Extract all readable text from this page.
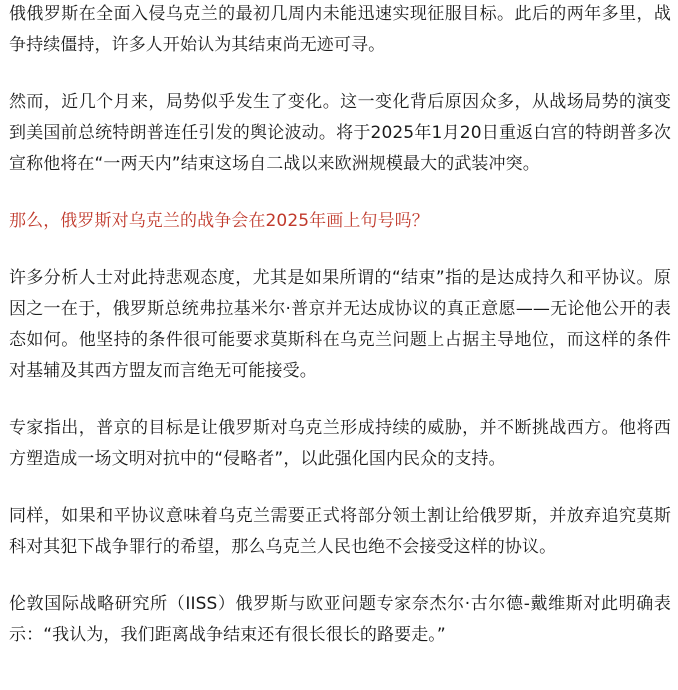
俄俄罗斯在全面入侵乌克兰的最初几周内未能迅速实现征服目标。此后的两年多里，战争持续僵持，许多人开始认为其结束尚无迹可寻。

然而，近几个月来，局势似乎发生了变化。这一变化背后原因众多，从战场局势的演变到美国前总统特朗普连任引发的舆论波动。将于2025年1月20日重返白宫的特朗普多次宣称他将在“一两天内”结束这场自二战以来欧洲规模最大的武装冲突。

那么，俄罗斯对乌克兰的战争会在2025年画上句号吗？

许多分析人士对此持悲观态度，尤其是如果所谓的“结束”指的是达成持久和平协议。原因之一在于，俄罗斯总统弗拉基米尔·普京并无达成协议的真正意愿——无论他公开的表态如何。他坚持的条件很可能要求莫斯科在乌克兰问题上占据主导地位，而这样的条件对基辅及其西方盟友而言绝无可能接受。

专家指出，普京的目标是让俄罗斯对乌克兰形成持续的威胁，并不断挑战西方。他将西方塑造成一场文明对抗中的“侵略者”，以此强化国内民众的支持。

同样，如果和平协议意味着乌克兰需要正式将部分领土割让给俄罗斯，并放弃追究莫斯科对其犯下战争罪行的希望，那么乌克兰人民也绝不会接受这样的协议。

伦敦国际战略研究所（IISS）俄罗斯与欧亚问题专家奈杰尔·古尔德-戴维斯对此明确表示：“我认为，我们距离战争结束还有很长很长的路要走。”
